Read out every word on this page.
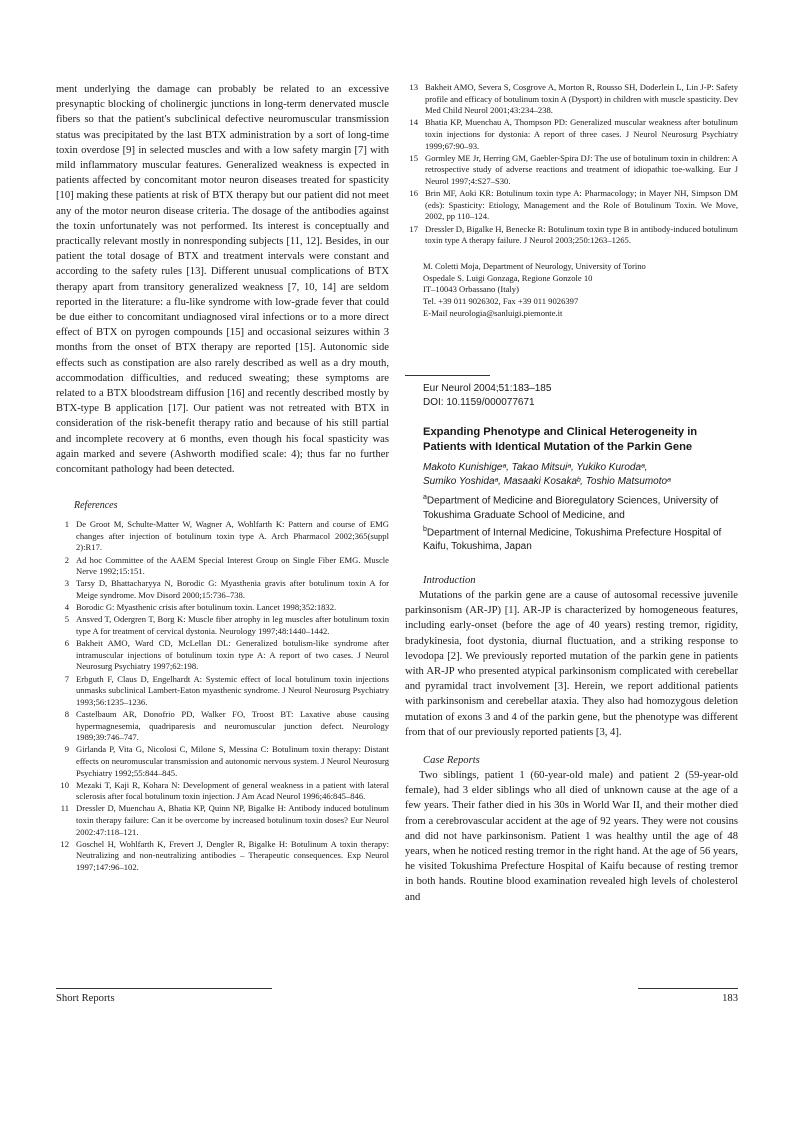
ment underlying the damage can probably be related to an excessive presynaptic blocking of cholinergic junctions in long-term denervated muscle fibers so that the patient's subclinical defective neuromuscular transmission status was precipitated by the last BTX administration by a sort of long-time toxin overdose [9] in selected muscles and with a low safety margin [7] with mild inflammatory muscular features. Generalized weakness is expected in patients affected by concomitant motor neuron diseases treated for spasticity [10] making these patients at risk of BTX therapy but our patient did not meet any of the motor neuron disease criteria. The dosage of the antibodies against the toxin unfortunately was not performed. Its interest is conceptually and practically relevant mostly in nonresponding subjects [11, 12]. Besides, in our patient the total dosage of BTX and treatment intervals were constant and according to the safety rules [13]. Different unusual complications of BTX therapy apart from transitory generalized weakness [7, 10, 14] are seldom reported in the literature: a flu-like syndrome with low-grade fever that could be due either to concomitant undiagnosed viral infections or to a more direct effect of BTX on pyrogen compounds [15] and occasional seizures within 3 months from the onset of BTX therapy are reported [15]. Autonomic side effects such as constipation are also rarely described as well as a dry mouth, accommodation difficulties, and reduced sweating; these symptoms are related to a BTX bloodstream diffusion [16] and recently described mostly by BTX-type B application [17]. Our patient was not retreated with BTX in consideration of the risk-benefit therapy ratio and because of his still partial and incomplete recovery at 6 months, even though his focal spasticity was again marked and severe (Ashworth modified scale: 4); thus far no further concomitant pathology had been detected.

References

1 De Groot M, Schulte-Matter W, Wagner A, Wohlfarth K: Pattern and course of EMG changes after injection of botulinum toxin type A. Arch Pharmacol 2002;365(suppl 2):R17.
2 Ad hoc Committee of the AAEM Special Interest Group on Single Fiber EMG. Muscle Nerve 1992;15:151.
3 Tarsy D, Bhattacharyya N, Borodic G: Myasthenia gravis after botulinum toxin A for Meige syndrome. Mov Disord 2000;15:736–738.
4 Borodic G: Myasthenic crisis after botulinum toxin. Lancet 1998;352:1832.
5 Ansved T, Odergren T, Borg K: Muscle fiber atrophy in leg muscles after botulinum toxin type A for treatment of cervical dystonia. Neurology 1997;48:1440–1442.
6 Bakheit AMO, Ward CD, McLellan DL: Generalized botulism-like syndrome after intramuscular injections of botulinum toxin type A: A report of two cases. J Neurol Neurosurg Psychiatry 1997;62:198.
7 Erbguth F, Claus D, Engelhardt A: Systemic effect of local botulinum toxin injections unmasks subclinical Lambert-Eaton myasthenic syndrome. J Neurol Neurosurg Psychiatry 1993;56:1235–1236.
8 Castelbaum AR, Donofrio PD, Walker FO, Troost BT: Laxative abuse causing hypermagnesemia, quadriparesis and neuromuscular junction defect. Neurology 1989;39:746–747.
9 Girlanda P, Vita G, Nicolosi C, Milone S, Messina C: Botulinum toxin therapy: Distant effects on neuromuscular transmission and autonomic nervous system. J Neurol Neurosurg Psychiatry 1992;55:844–845.
10 Mezaki T, Kaji R, Kohara N: Development of general weakness in a patient with lateral sclerosis after focal botulinum toxin injection. J Am Acad Neurol 1996;46:845–846.
11 Dressler D, Muenchau A, Bhatia KP, Quinn NP, Bigalke H: Antibody induced botulinum toxin therapy failure: Can it be overcome by increased botulinum toxin doses? Eur Neurol 2002:47:118–121.
12 Goschel H, Wohlfarth K, Frevert J, Dengler R, Bigalke H: Botulinum A toxin therapy: Neutralizing and non-neutralizing antibodies – Therapeutic consequences. Exp Neurol 1997;147:96–102.
13 Bakheit AMO, Severa S, Cosgrove A, Morton R, Rousso SH, Doderlein L, Lin J-P: Safety profile and efficacy of botulinum toxin A (Dysport) in children with muscle spasticity. Dev Med Child Neurol 2001;43:234–238.
14 Bhatia KP, Muenchau A, Thompson PD: Generalized muscular weakness after botulinum toxin injections for dystonia: A report of three cases. J Neurol Neurosurg Psychiatry 1999;67:90–93.
15 Gormley ME Jr, Herring GM, Gaebler-Spira DJ: The use of botulinum toxin in children: A retrospective study of adverse reactions and treatment of idiopathic toe-walking. Eur J Neurol 1997;4:S27–S30.
16 Brin MF, Aoki KR: Botulinum toxin type A: Pharmacology; in Mayer NH, Simpson DM (eds): Spasticity: Etiology, Management and the Role of Botulinum Toxin. We Move, 2002, pp 110–124.
17 Dressler D, Bigalke H, Benecke R: Botulinum toxin type B in antibody-induced botulinum toxin type A therapy failure. J Neurol 2003;250:1263–1265.

M. Coletti Moja, Department of Neurology, University of Torino

Ospedale S. Luigi Gonzaga, Regione Gonzole 10

IT–10043 Orbassano (Italy)

Tel. +39 011 9026302, Fax +39 011 9026397

E-Mail neurologia@sanluigi.piemonte.it

Eur Neurol 2004;51:183–185

DOI: 10.1159/000077671

Expanding Phenotype and Clinical Heterogeneity in Patients with Identical Mutation of the Parkin Gene

Makoto Kunishigeᵃ, Takao Mitsuiᵃ, Yukiko Kurodaᵃ,

Sumiko Yoshidaᵃ, Masaaki Kosakaᵇ, Toshio Matsumotoᵃ

$^a$Department of Medicine and Bioregulatory Sciences, University of Tokushima Graduate School of Medicine, and

$^b$Department of Internal Medicine, Tokushima Prefecture Hospital of Kaifu, Tokushima, Japan

Introduction

Mutations of the parkin gene are a cause of autosomal recessive juvenile parkinsonism (AR-JP) [1]. AR-JP is characterized by homogeneous features, including early-onset (before the age of 40 years) resting tremor, rigidity, bradykinesia, foot dystonia, diurnal fluctuation, and a striking response to levodopa [2]. We previously reported mutation of the parkin gene in patients with AR-JP who presented atypical parkinsonism complicated with cerebellar and pyramidal tract involvement [3]. Herein, we report additional patients with parkinsonism and cerebellar ataxia. They also had homozygous deletion mutation of exons 3 and 4 of the parkin gene, but the phenotype was different from that of our previously reported patients [3, 4].

Case Reports

Two siblings, patient 1 (60-year-old male) and patient 2 (59-year-old female), had 3 elder siblings who all died of unknown cause at the age of a few years. Their father died in his 30s in World War II, and their mother died from a cerebrovascular accident at the age of 92 years. They were not cousins and did not have parkinsonism. Patient 1 was healthy until the age of 48 years, when he noticed resting tremor in the right hand. At the age of 56 years, he visited Tokushima Prefecture Hospital of Kaifu because of resting tremor in both hands. Routine blood examination revealed high levels of cholesterol and

Short Reports	183
